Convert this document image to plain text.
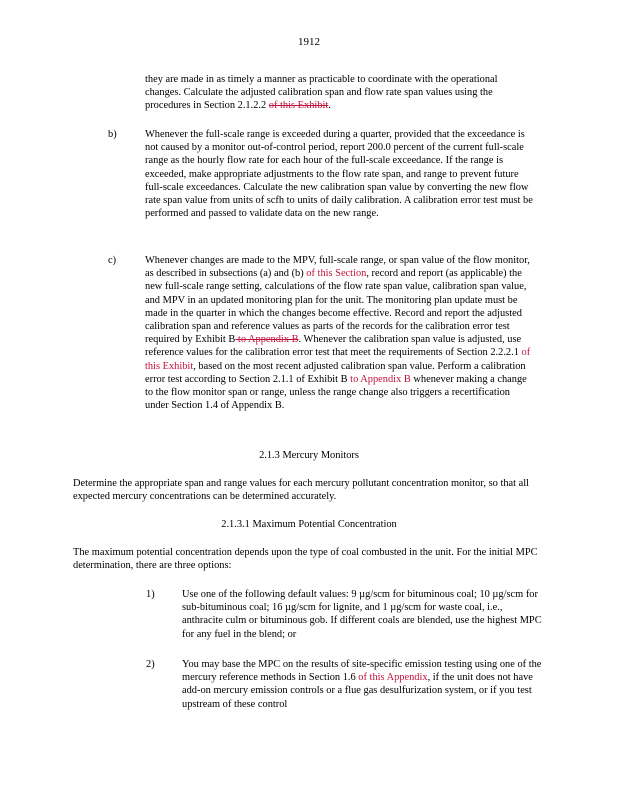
1912

they are made in as timely a manner as practicable to coordinate with the operational changes. Calculate the adjusted calibration span and flow rate span values using the procedures in Section 2.1.2.2 of this Exhibit.

b)	Whenever the full-scale range is exceeded during a quarter, provided that the exceedance is not caused by a monitor out-of-control period, report 200.0 percent of the current full-scale range as the hourly flow rate for each hour of the full-scale exceedance. If the range is exceeded, make appropriate adjustments to the flow rate span, and range to prevent future full-scale exceedances. Calculate the new calibration span value by converting the new flow rate span value from units of scfh to units of daily calibration. A calibration error test must be performed and passed to validate data on the new range.

c)	Whenever changes are made to the MPV, full-scale range, or span value of the flow monitor, as described in subsections (a) and (b) of this Section, record and report (as applicable) the new full-scale range setting, calculations of the flow rate span value, calibration span value, and MPV in an updated monitoring plan for the unit. The monitoring plan update must be made in the quarter in which the changes become effective. Record and report the adjusted calibration span and reference values as parts of the records for the calibration error test required by Exhibit B to Appendix B. Whenever the calibration span value is adjusted, use reference values for the calibration error test that meet the requirements of Section 2.2.2.1 of this Exhibit, based on the most recent adjusted calibration span value. Perform a calibration error test according to Section 2.1.1 of Exhibit B to Appendix B whenever making a change to the flow monitor span or range, unless the range change also triggers a recertification under Section 1.4 of Appendix B.

2.1.3 Mercury Monitors

Determine the appropriate span and range values for each mercury pollutant concentration monitor, so that all expected mercury concentrations can be determined accurately.

2.1.3.1 Maximum Potential Concentration

The maximum potential concentration depends upon the type of coal combusted in the unit. For the initial MPC determination, there are three options:

1)	Use one of the following default values: 9 µg/scm for bituminous coal; 10 µg/scm for sub-bituminous coal; 16 µg/scm for lignite, and 1 µg/scm for waste coal, i.e., anthracite culm or bituminous gob. If different coals are blended, use the highest MPC for any fuel in the blend; or

2)	You may base the MPC on the results of site-specific emission testing using one of the mercury reference methods in Section 1.6 of this Appendix, if the unit does not have add-on mercury emission controls or a flue gas desulfurization system, or if you test upstream of these control
